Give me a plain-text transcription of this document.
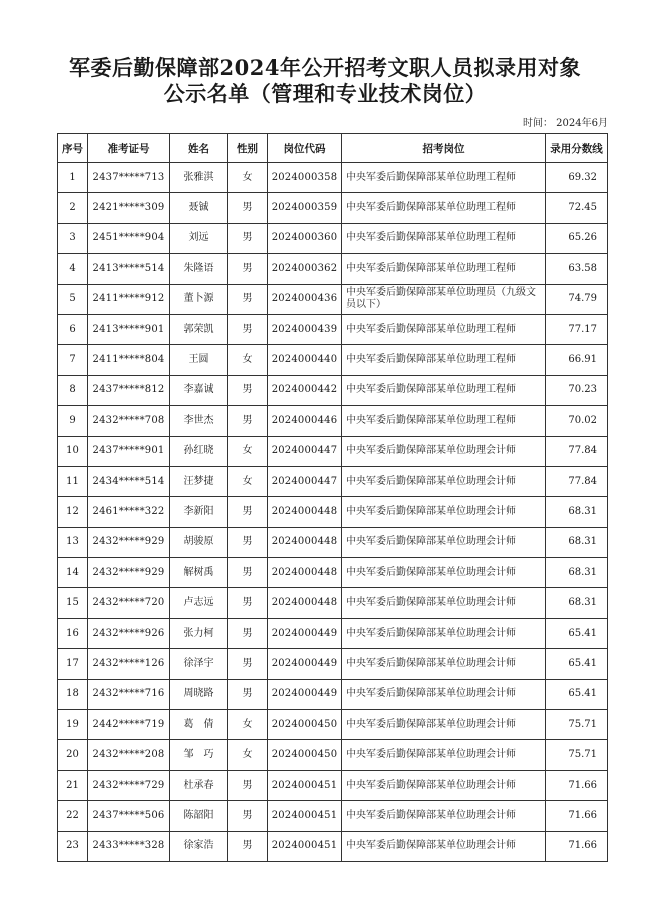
军委后勤保障部2024年公开招考文职人员拟录用对象
公示名单（管理和专业技术岗位）
时间： 2024年6月
序号	准考证号	姓名	性别	岗位代码	招考岗位	录用分数线
1	2437*****713	张雅淇	女	2024000358	中央军委后勤保障部某单位助理工程师	69.32
2	2421*****309	聂铖	男	2024000359	中央军委后勤保障部某单位助理工程师	72.45
3	2451*****904	刘远	男	2024000360	中央军委后勤保障部某单位助理工程师	65.26
4	2413*****514	朱隆语	男	2024000362	中央军委后勤保障部某单位助理工程师	63.58
5	2411*****912	董卜源	男	2024000436	中央军委后勤保障部某单位助理员（九级文员以下）	74.79
6	2413*****901	郭荣凯	男	2024000439	中央军委后勤保障部某单位助理工程师	77.17
7	2411*****804	王圆	女	2024000440	中央军委后勤保障部某单位助理工程师	66.91
8	2437*****812	李嘉诚	男	2024000442	中央军委后勤保障部某单位助理工程师	70.23
9	2432*****708	李世杰	男	2024000446	中央军委后勤保障部某单位助理工程师	70.02
10	2437*****901	孙红晓	女	2024000447	中央军委后勤保障部某单位助理会计师	77.84
11	2434*****514	汪梦捷	女	2024000447	中央军委后勤保障部某单位助理会计师	77.84
12	2461*****322	李新阳	男	2024000448	中央军委后勤保障部某单位助理会计师	68.31
13	2432*****929	胡骏原	男	2024000448	中央军委后勤保障部某单位助理会计师	68.31
14	2432*****929	解树禹	男	2024000448	中央军委后勤保障部某单位助理会计师	68.31
15	2432*****720	卢志远	男	2024000448	中央军委后勤保障部某单位助理会计师	68.31
16	2432*****926	张力柯	男	2024000449	中央军委后勤保障部某单位助理会计师	65.41
17	2432*****126	徐泽宇	男	2024000449	中央军委后勤保障部某单位助理会计师	65.41
18	2432*****716	周晓路	男	2024000449	中央军委后勤保障部某单位助理会计师	65.41
19	2442*****719	葛　倩	女	2024000450	中央军委后勤保障部某单位助理会计师	75.71
20	2432*****208	邹　巧	女	2024000450	中央军委后勤保障部某单位助理会计师	75.71
21	2432*****729	杜承春	男	2024000451	中央军委后勤保障部某单位助理会计师	71.66
22	2437*****506	陈韶阳	男	2024000451	中央军委后勤保障部某单位助理会计师	71.66
23	2433*****328	徐家浩	男	2024000451	中央军委后勤保障部某单位助理会计师	71.66
